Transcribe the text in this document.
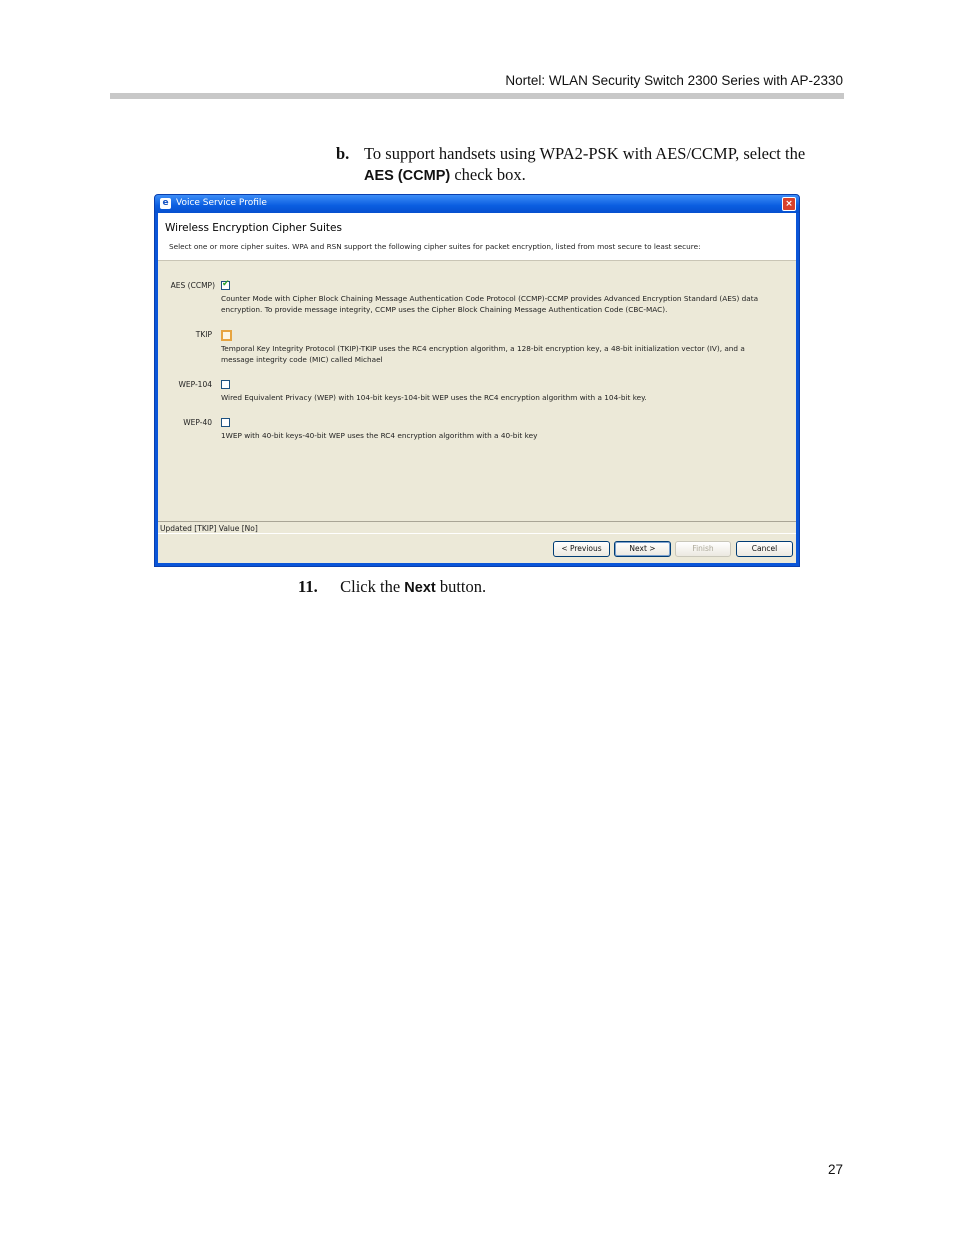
Nortel: WLAN Security Switch 2300 Series with AP-2330
b. To support handsets using WPA2-PSK with AES/CCMP, select the AES (CCMP) check box.
e Voice Service Profile	×
Wireless Encryption Cipher Suites
Select one or more cipher suites. WPA and RSN support the following cipher suites for packet encryption, listed from most secure to least secure:
AES (CCMP) ✔
Counter Mode with Cipher Block Chaining Message Authentication Code Protocol (CCMP)-CCMP provides Advanced Encryption Standard (AES) data
encryption. To provide message integrity, CCMP uses the Cipher Block Chaining Message Authentication Code (CBC-MAC).
TKIP
Temporal Key Integrity Protocol (TKIP)-TKIP uses the RC4 encryption algorithm, a 128-bit encryption key, a 48-bit initialization vector (IV), and a
message integrity code (MIC) called Michael
WEP-104
Wired Equivalent Privacy (WEP) with 104-bit keys-104-bit WEP uses the RC4 encryption algorithm with a 104-bit key.
WEP-40
1WEP with 40-bit keys-40-bit WEP uses the RC4 encryption algorithm with a 40-bit key
Updated [TKIP] Value [No]
< Previous	Next >	Finish	Cancel
11. Click the Next button.
27
